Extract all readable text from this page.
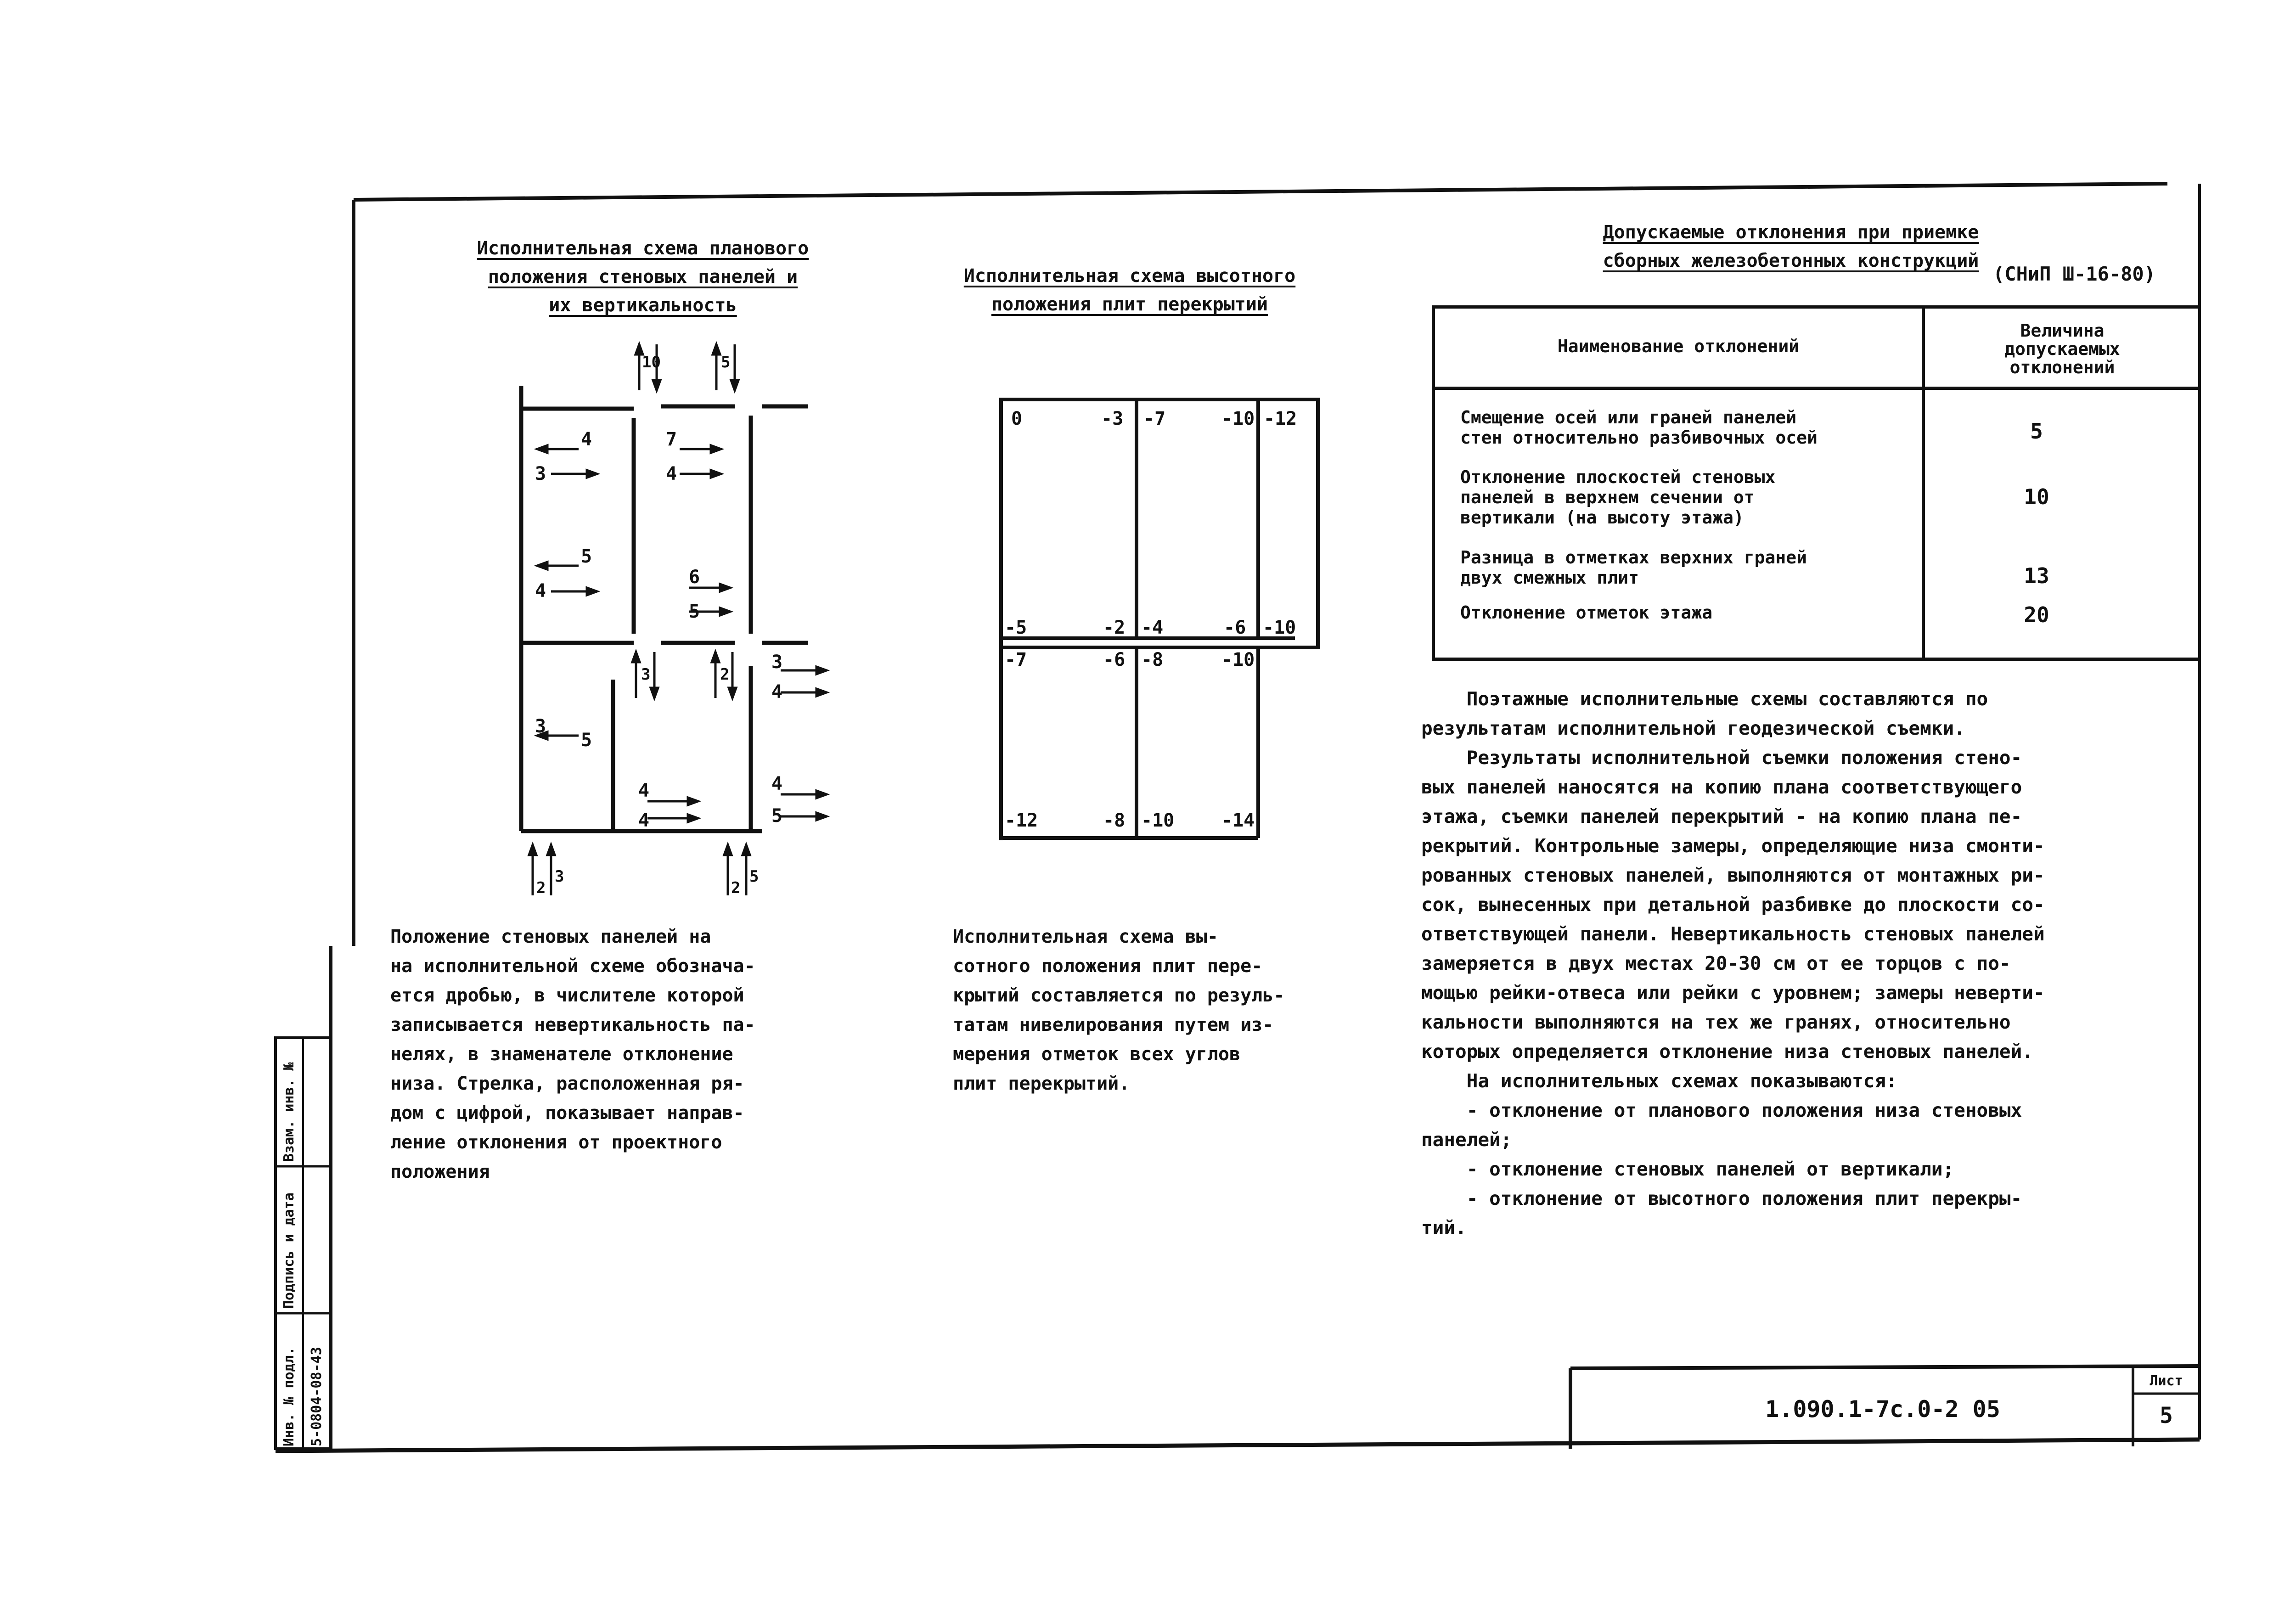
Взам. инв. №
Подпись и дата
Инв. № подл. 5-0804-08-43
Исполнительная схема планового
положения стеновых панелей и
их вертикальность
4
3
5
4
7
4
6
5
3
5
4
4
3
4
4
5
10	5
3	2
2
3
2
5
Положение стеновых панелей на
на исполнительной схеме обознача-
ется дробью, в числителе которой
записывается невертикальность па-
нелях, в знаменателе отклонение
низа. Стрелка, расположенная ря-
дом с цифрой, показывает направ-
ление отклонения от проектного
положения
Исполнительная схема высотного
положения плит перекрытий
0	-3 -7	-10 -12
-5	-2 -4	-6 -10
-7	-6 -8	-10
-12	-8 -10	-14
Исполнительная схема вы-
сотного положения плит пере-
крытий составляется по резуль-
татам нивелирования путем из-
мерения отметок всех углов
плит перекрытий.
Допускаемые отклонения при приемке
сборных железобетонных конструкций
(СНиП Ш-16-80)
Наименование отклонений
Величина
допускаемых
отклонений
Смещение осей или граней панелей
стен относительно разбивочных осей	5
Отклонение плоскостей стеновых
панелей в верхнем сечении от
вертикали (на высоту этажа)
10
Разница в отметках верхних граней
двух смежных плит	13
Отклонение отметок этажа	20
Поэтажные исполнительные схемы составляются по
результатам исполнительной геодезической съемки.
Результаты исполнительной съемки положения стено-
вых панелей наносятся на копию плана соответствующего
этажа, съемки панелей перекрытий - на копию плана пе-
рекрытий. Контрольные замеры, определяющие низа смонти-
рованных стеновых панелей, выполняются от монтажных ри-
сок, вынесенных при детальной разбивке до плоскости со-
ответствующей панели. Невертикальность стеновых панелей
замеряется в двух местах 20-30 см от ее торцов с по-
мощью рейки-отвеса или рейки с уровнем; замеры неверти-
кальности выполняются на тех же гранях, относительно
которых определяется отклонение низа стеновых панелей.
На исполнительных схемах показываются:
- отклонение от планового положения низа стеновых
панелей;
- отклонение стеновых панелей от вертикали;
- отклонение от высотного положения плит перекры-
тий.
1.090.1-7с.0-2 05
Лист
5
